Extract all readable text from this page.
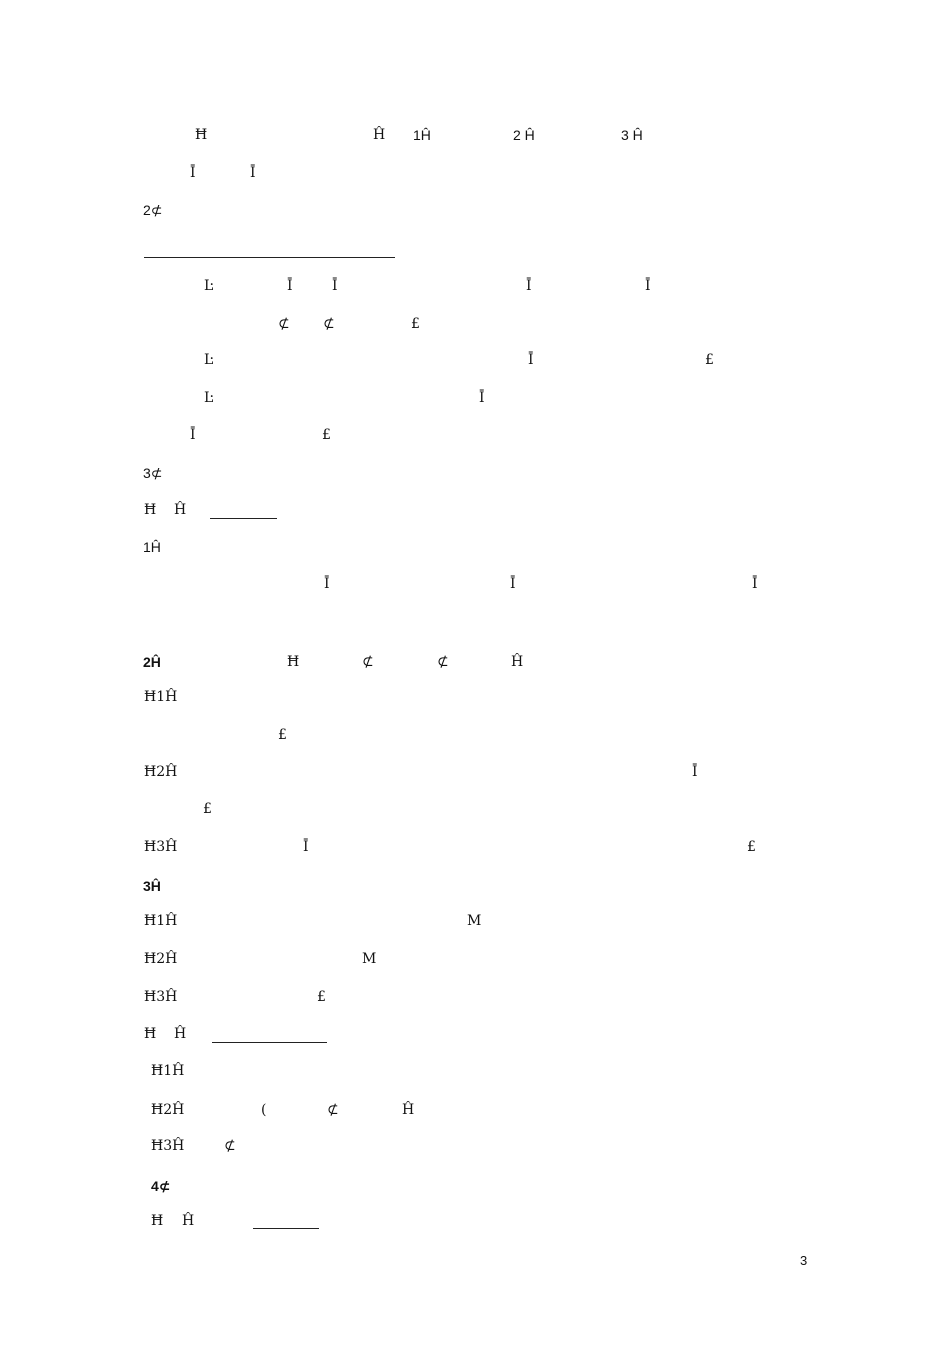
Ħ	Ĥ 1Ĥ	2 Ĥ	3 Ĥ
Ī	Ī
2⊄
Ŀ	Ī	Ī	Ī	Ī
⊄ ⊄	£
Ŀ	Ī	£
Ŀ	Ī
Ī	£
3⊄
Ħ Ĥ
1Ĥ
Ī	Ī	Ī
2Ĥ	Ħ	⊄	⊄	Ĥ
Ħ1Ĥ
£
Ħ2Ĥ	Ī
£
Ħ3Ĥ	Ī	£
3Ĥ
Ħ1Ĥ	M
Ħ2Ĥ	M
Ħ3Ĥ	£
Ħ Ĥ
Ħ1Ĥ
Ħ2Ĥ	(	⊄	Ĥ
Ħ3Ĥ	⊄
4⊄
Ħ Ĥ
3
